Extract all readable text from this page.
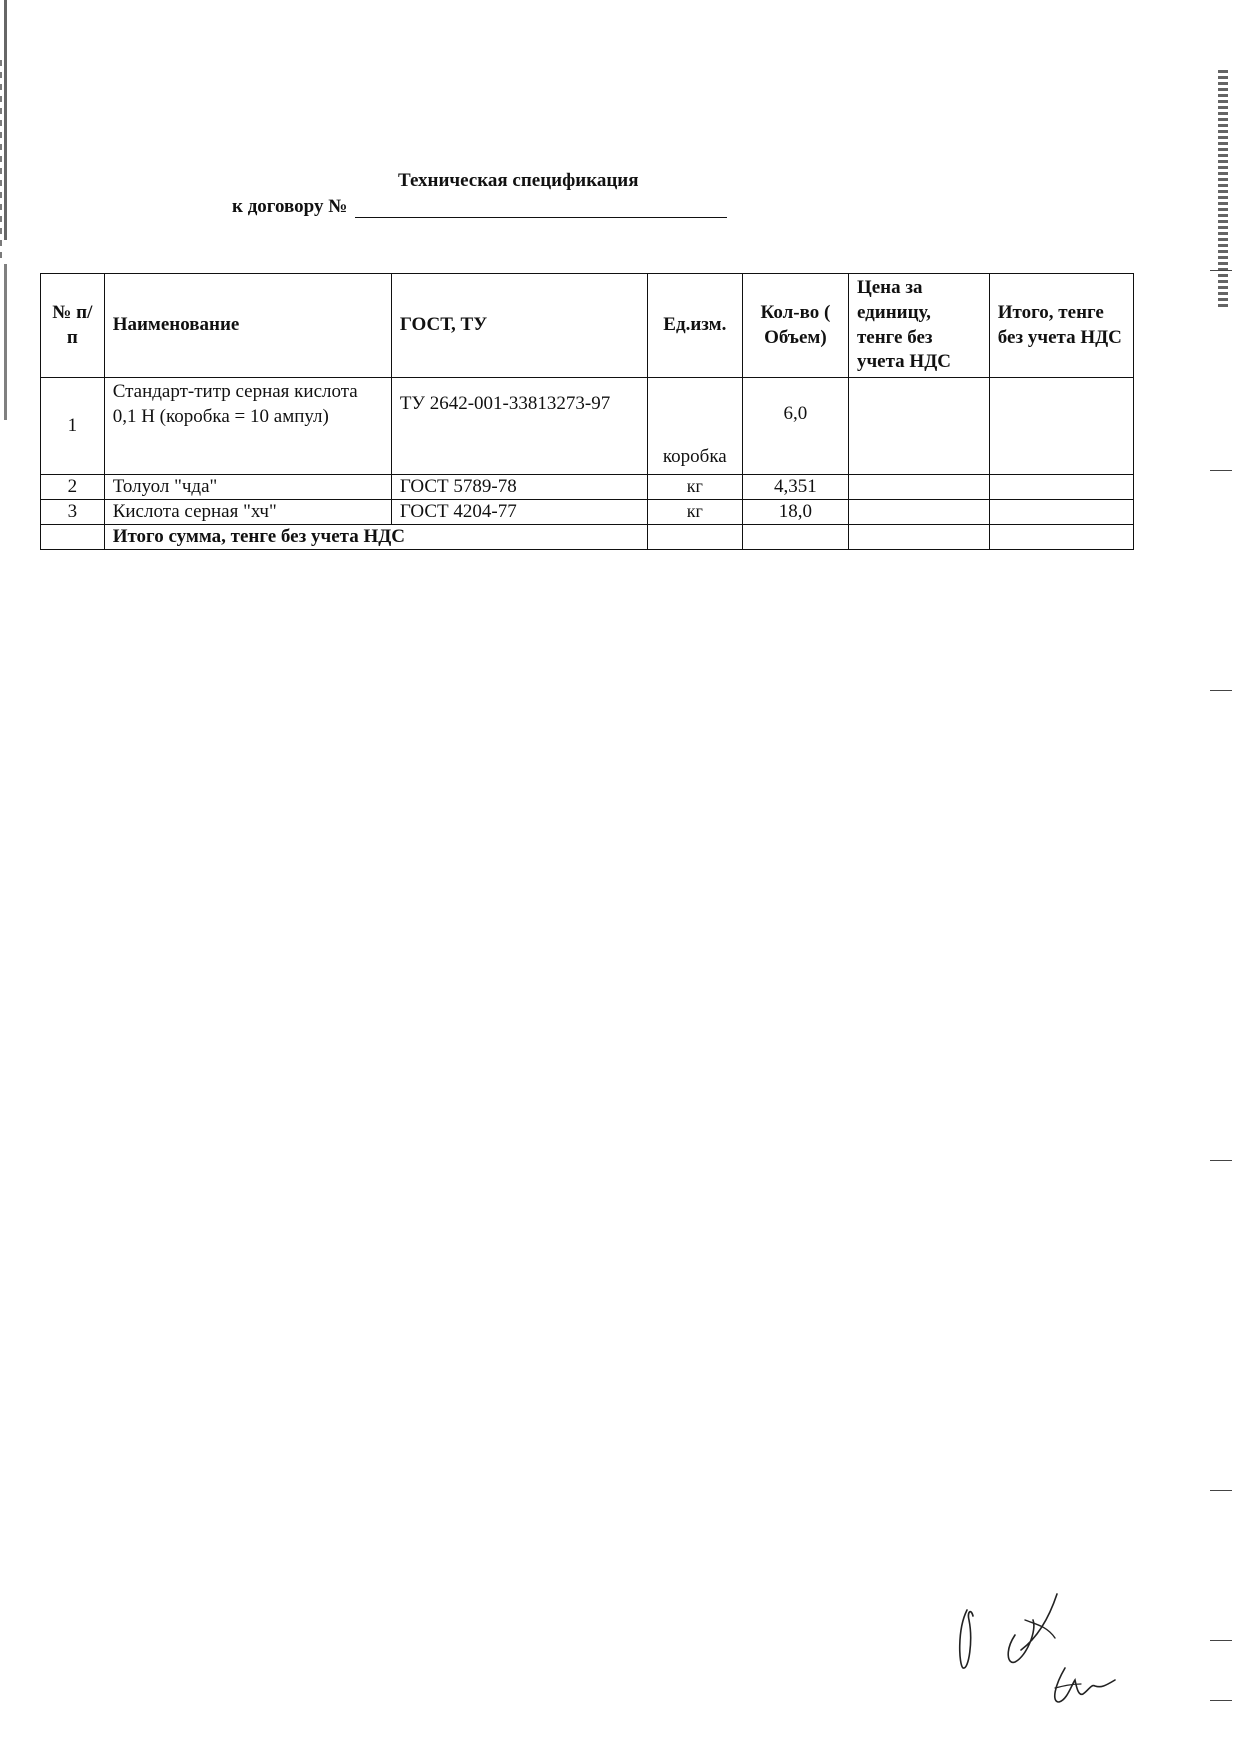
Техническая спецификация
к договору №
№ п/п	Наименование	ГОСТ, ТУ	Ед.изм.	Кол-во ( Объем)	Цена за единицу, тенге без учета НДС	Итого, тенге без учета НДС
1	Стандарт-титр серная кислота 0,1 Н (коробка = 10 ампул)	ТУ 2642-001-33813273-97	коробка	6,0		
2	Толуол "чда"	ГОСТ 5789-78	кг	4,351		
3	Кислота серная "хч"	ГОСТ 4204-77	кг	18,0		
	Итого сумма, тенге без учета НДС					
